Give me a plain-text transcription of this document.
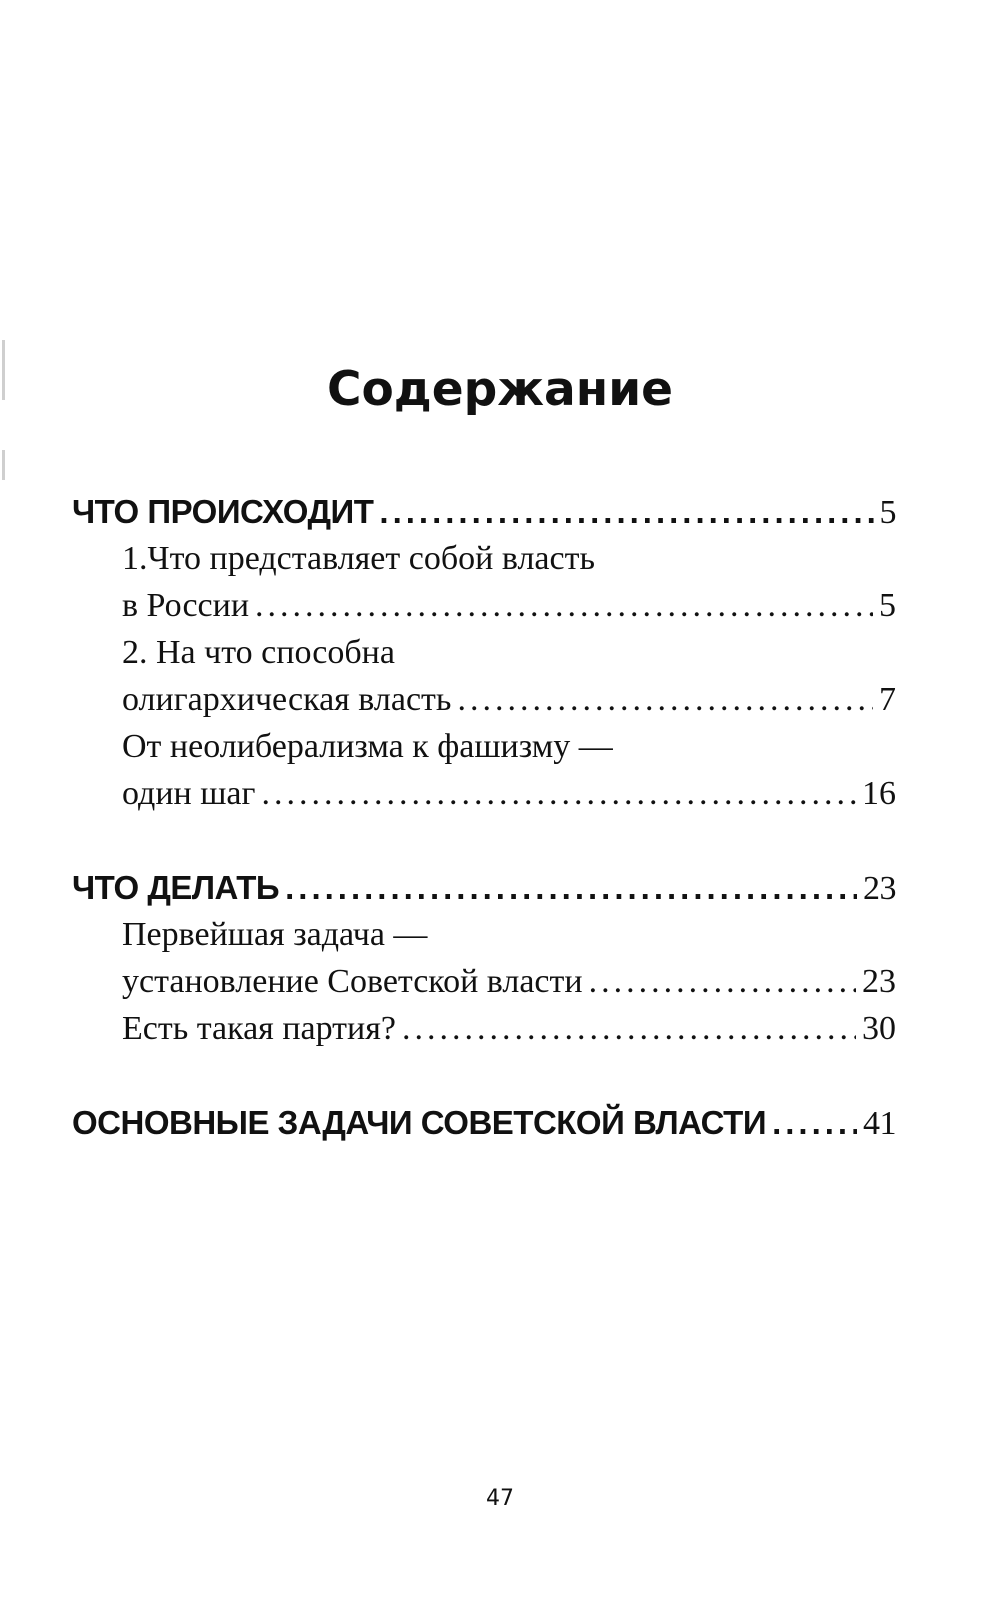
Содержание
ЧТО ПРОИСХОДИТ .....	5
1.Что представляет собой власть
в России .....	5
2. На что способна
олигархическая власть .....	7
От неолиберализма к фашизму —
один шаг .....	16
ЧТО ДЕЛАТЬ .....	23
Первейшая задача —
установление Советской власти .....	23
Есть такая партия? .....	30
ОСНОВНЫЕ ЗАДАЧИ СОВЕТСКОЙ ВЛАСТИ .....	41
47
